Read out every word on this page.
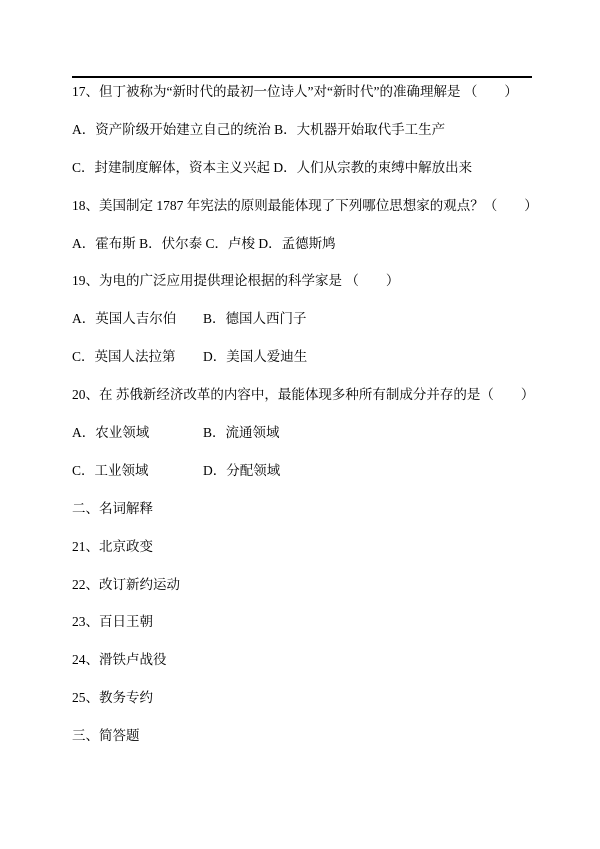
17、但丁被称为“新时代的最初一位诗人”对“新时代”的准确理解是 （　　）
A．资产阶级开始建立自己的统治 B．大机器开始取代手工生产
C．封建制度解体，资本主义兴起 D．人们从宗教的束缚中解放出来
18、美国制定 1787 年宪法的原则最能体现了下列哪位思想家的观点？（　　）
A．霍布斯 B．伏尔泰 C．卢梭 D．孟德斯鸠
19、为电的广泛应用提供理论根据的科学家是 （　　）
A．英国人吉尔伯 B．德国人西门子
C．英国人法拉第 D．美国人爱迪生
20、在 苏俄新经济改革的内容中，最能体现多种所有制成分并存的是（　　）
A．农业领域	B．流通领域
C．工业领域	D．分配领域
二、名词解释
21、北京政变
22、改订新约运动
23、百日王朝
24、滑铁卢战役
25、教务专约
三、简答题
